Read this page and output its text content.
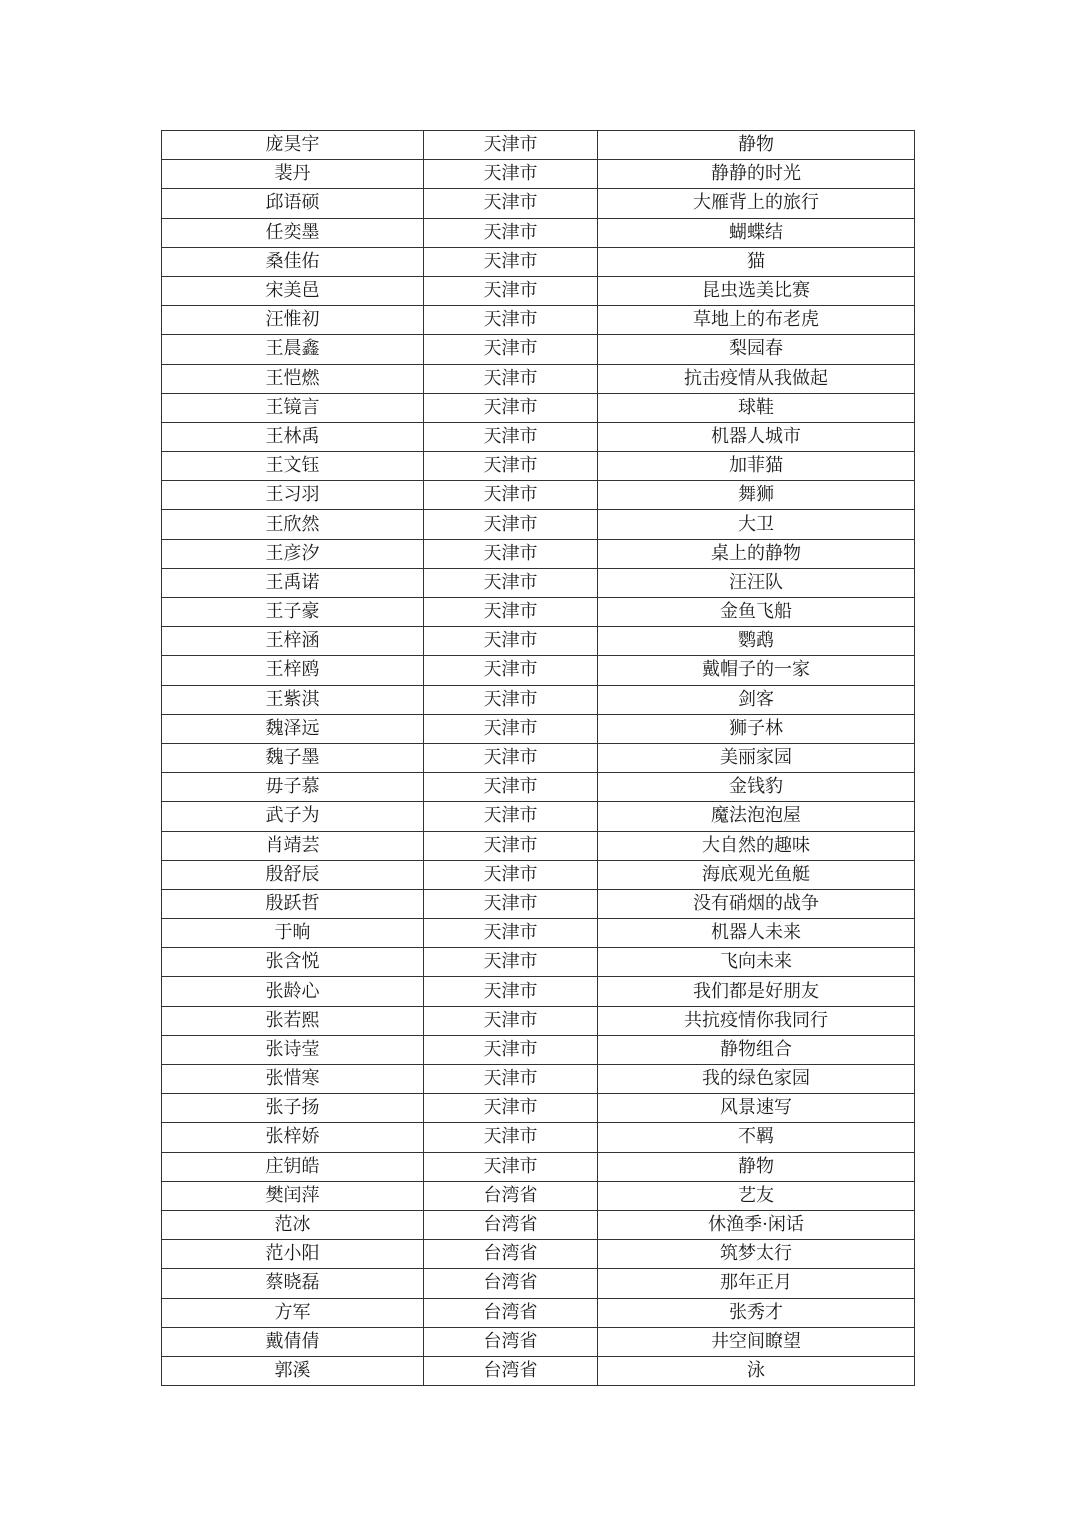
庞昊宇	天津市	静物
裴丹	天津市	静静的时光
邱语硕	天津市	大雁背上的旅行
任奕墨	天津市	蝴蝶结
桑佳佑	天津市	猫
宋美邑	天津市	昆虫选美比赛
汪惟初	天津市	草地上的布老虎
王晨鑫	天津市	梨园春
王恺燃	天津市	抗击疫情从我做起
王镜言	天津市	球鞋
王林禹	天津市	机器人城市
王文钰	天津市	加菲猫
王习羽	天津市	舞狮
王欣然	天津市	大卫
王彦汐	天津市	桌上的静物
王禹诺	天津市	汪汪队
王子豪	天津市	金鱼飞船
王梓涵	天津市	鹦鹉
王梓鸥	天津市	戴帽子的一家
王紫淇	天津市	剑客
魏泽远	天津市	狮子林
魏子墨	天津市	美丽家园
毋子慕	天津市	金钱豹
武子为	天津市	魔法泡泡屋
肖靖芸	天津市	大自然的趣味
殷舒辰	天津市	海底观光鱼艇
殷跃哲	天津市	没有硝烟的战争
于晌	天津市	机器人未来
张含悦	天津市	飞向未来
张龄心	天津市	我们都是好朋友
张若熙	天津市	共抗疫情你我同行
张诗莹	天津市	静物组合
张惜寒	天津市	我的绿色家园
张子扬	天津市	风景速写
张梓娇	天津市	不羁
庄钥皓	天津市	静物
樊闰萍	台湾省	艺友
范冰	台湾省	休渔季·闲话
范小阳	台湾省	筑梦太行
蔡晓磊	台湾省	那年正月
方军	台湾省	张秀才
戴倩倩	台湾省	井空间瞭望
郭溪	台湾省	泳
